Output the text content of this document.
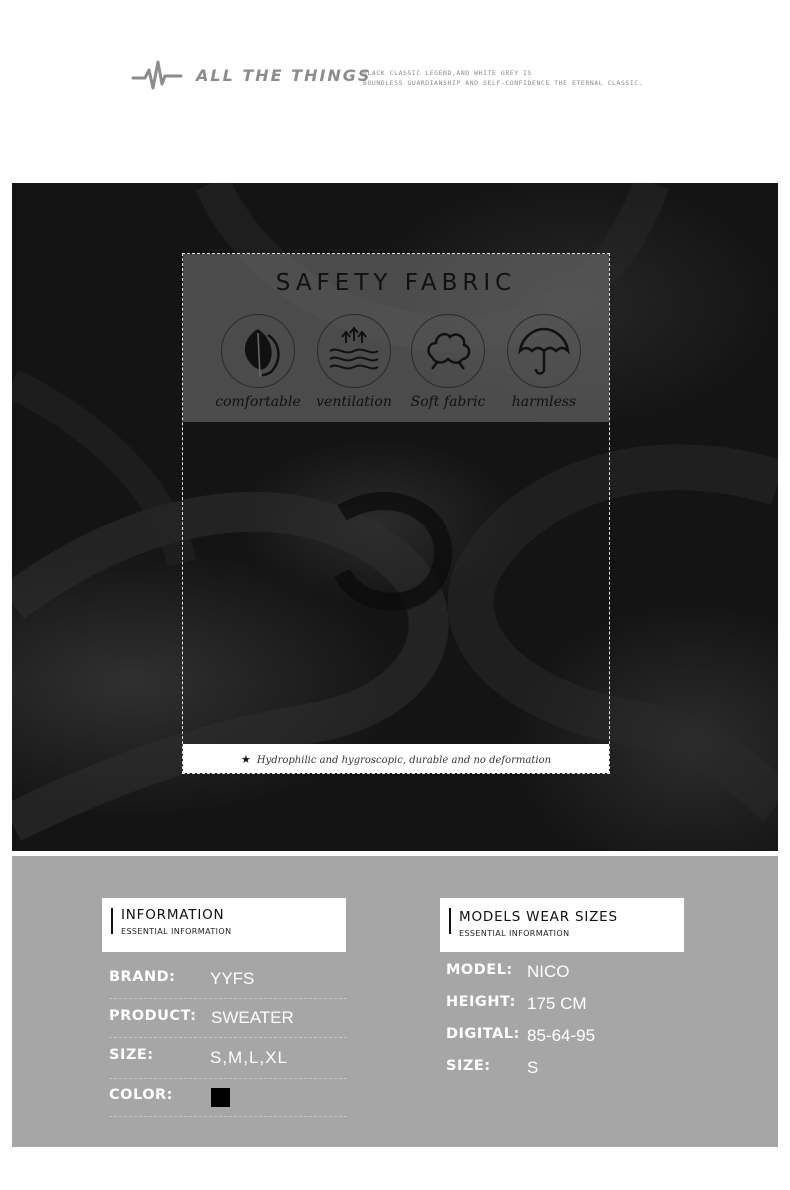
ALL THE THINGS
BLACK CLASSIC LEGEND,AND WHITE GREY IS
BOUNDLESS GUARDIANSHIP AND SELF-CONFIDENCE THE ETERNAL CLASSIC.
SAFETY FABRIC
comfortable	ventilation	Soft fabric	harmless
★ Hydrophilic and hygroscopic, durable and no deformation
INFORMATION
ESSENTIAL INFORMATION
BRAND: YYFS
PRODUCT: SWEATER
SIZE:	S,M,L,XL
COLOR:
MODELS WEAR SIZES
ESSENTIAL INFORMATION
MODEL: NICO
HEIGHT: 175 CM
DIGITAL: 85-64-95
SIZE: S
